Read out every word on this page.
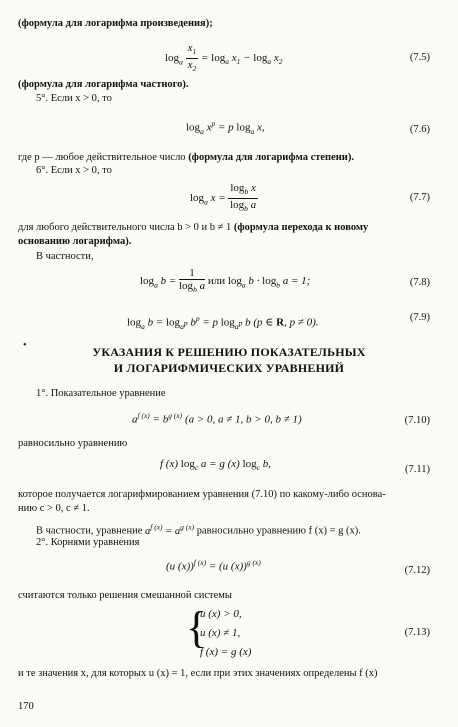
(формула для логарифма произведения);
$\log_a \frac{x_1}{x_2} = \log_a x_1 - \log_a x_2$	(7.5)
(формула для логарифма частного).
5°. Если x > 0, то
$\log_a x^p = p$ $\log_a x$,	(7.6)
где p — любое действительное число (формула для логарифма степени).
6°. Если x > 0, то
$\log_a x = \frac{\log_b x}{\log_b a}$	(7.7)
для любого действительного числа b > 0 и b ≠ 1 (формула перехода к новому
основанию логарифма).
В частности,
$\log_a b = \frac{1}{\log_b a}$ или $\log_a b \cdot \log_b a = 1$;	(7.8)
$\log_a b = \log_{a^p} b^p = p$ $\log_{a^p} b$ (p ∈ R, p ≠ 0).	(7.9)
•	УКАЗАНИЯ К РЕШЕНИЮ ПОКАЗАТЕЛЬНЫХ
И ЛОГАРИФМИЧЕСКИХ УРАВНЕНИЙ
1°. Показательное уравнение
$a^{f (x)} = b^{g (x)}$ (a > 0, a ≠ 1, b > 0, b ≠ 1)	(7.10)
равносильно уравнению
f (x) $\log_c a = g$ (x) $\log_c b$,	(7.11)
которое получается логарифмированием уравнения (7.10) по какому-либо основа-
нию c > 0, c ≠ 1.
В частности, уравнение $a^{f (x)} = a^{g (x)}$ равносильно уравнению f (x) = g (x).
2°. Корнями уравнения
(u (x))$^{f (x)}$ = (u (x))$^{g (x)}$
(7.12)
считаются только решения смешанной системы
{
u (x) > 0,
u (x) ≠ 1,
f (x) = g (x)
(7.13)
и те значения x, для которых u (x) = 1, если при этих значениях определены f (x)
170
